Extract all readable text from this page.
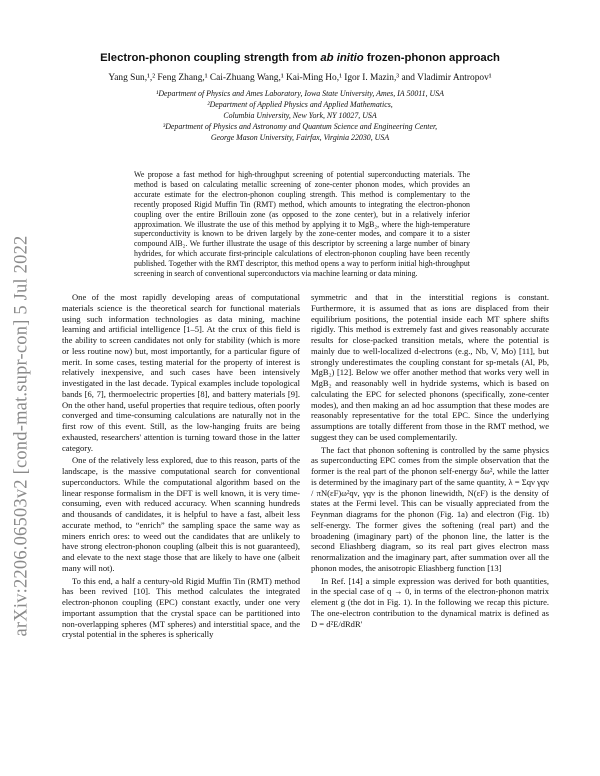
arXiv:2206.06503v2 [cond-mat.supr-con] 5 Jul 2022
Electron-phonon coupling strength from ab initio frozen-phonon approach
Yang Sun,¹,² Feng Zhang,¹ Cai-Zhuang Wang,¹ Kai-Ming Ho,¹ Igor I. Mazin,³ and Vladimir Antropov¹
¹Department of Physics and Ames Laboratory, Iowa State University, Ames, IA 50011, USA
²Department of Applied Physics and Applied Mathematics,
Columbia University, New York, NY 10027, USA
³Department of Physics and Astronomy and Quantum Science and Engineering Center,
George Mason University, Fairfax, Virginia 22030, USA
We propose a fast method for high-throughput screening of potential superconducting materials. The method is based on calculating metallic screening of zone-center phonon modes, which provides an accurate estimate for the electron-phonon coupling strength. This method is complementary to the recently proposed Rigid Muffin Tin (RMT) method, which amounts to integrating the electron-phonon coupling over the entire Brillouin zone (as opposed to the zone center), but in a relatively inferior approximation. We illustrate the use of this method by applying it to MgB₂, where the high-temperature superconductivity is known to be driven largely by the zone-center modes, and compare it to a sister compound AlB₂. We further illustrate the usage of this descriptor by screening a large number of binary hydrides, for which accurate first-principle calculations of electron-phonon coupling have been recently published. Together with the RMT descriptor, this method opens a way to perform initial high-throughput screening in search of conventional superconductors via machine learning or data mining.

One of the most rapidly developing areas of computational materials science is the theoretical search for functional materials using such information technologies as data mining, machine learning and artificial intelligence [1–5]. At the crux of this field is the ability to screen candidates not only for stability (which is more or less routine now) but, most importantly, for a particular figure of merit. In some cases, testing material for the property of interest is relatively inexpensive, and such cases have been intensively investigated in the last decade. Typical examples include topological bands [6, 7], thermoelectric properties [8], and battery materials [9]. On the other hand, useful properties that require tedious, often poorly converged and time-consuming calculations are naturally not in the first row of this event. Still, as the low-hanging fruits are being exhausted, researchers' attention is turning toward those in the latter category.

One of the relatively less explored, due to this reason, parts of the landscape, is the massive computational search for conventional superconductors. While the computational algorithm based on the linear response formalism in the DFT is well known, it is very time-consuming, even with reduced accuracy. When scanning hundreds and thousands of candidates, it is helpful to have a fast, albeit less accurate method, to “enrich” the sampling space the same way as miners enrich ores: to weed out the candidates that are unlikely to have strong electron-phonon coupling (albeit this is not guaranteed), and elevate to the next stage those that are likely to have one (albeit many will not).

To this end, a half a century-old Rigid Muffin Tin (RMT) method has been revived [10]. This method calculates the integrated electron-phonon coupling (EPC) constant exactly, under one very important assumption that the crystal space can be partitioned into non-overlapping spheres (MT spheres) and interstitial space, and the crystal potential in the spheres is spherically

symmetric and that in the interstitial regions is constant. Furthermore, it is assumed that as ions are displaced from their equilibrium positions, the potential inside each MT sphere shifts rigidly. This method is extremely fast and gives reasonably accurate results for close-packed transition metals, where the potential is mainly due to well-localized d-electrons (e.g., Nb, V, Mo) [11], but strongly underestimates the coupling constant for sp-metals (Al, Pb, MgB₂) [12]. Below we offer another method that works very well in MgB₂ and reasonably well in hydride systems, which is based on calculating the EPC for selected phonons (specifically, zone-center modes), and then making an ad hoc assumption that these modes are reasonably representative for the total EPC. Since the underlying assumptions are totally different from those in the RMT method, we suggest they can be used complementarily.

The fact that phonon softening is controlled by the same physics as superconducting EPC comes from the simple observation that the former is the real part of the phonon self-energy δω², while the latter is determined by the imaginary part of the same quantity, λ = Σqν γqν / πN(εF)ω²qν, γqν is the phonon linewidth, N(εF) is the density of states at the Fermi level. This can be visually appreciated from the Feynman diagrams for the phonon (Fig. 1a) and electron (Fig. 1b) self-energy. The former gives the softening (real part) and the broadening (imaginary part) of the phonon line, the latter is the second Eliashberg diagram, so its real part gives electron mass renormalization and the imaginary part, after summation over all the phonon modes, the anisotropic Eliashberg function [13]

In Ref. [14] a simple expression was derived for both quantities, in the special case of q → 0, in terms of the electron-phonon matrix element g (the dot in Fig. 1). In the following we recap this picture. The one-electron contribution to the dynamical matrix is defined as D = d²E/dRdR′
